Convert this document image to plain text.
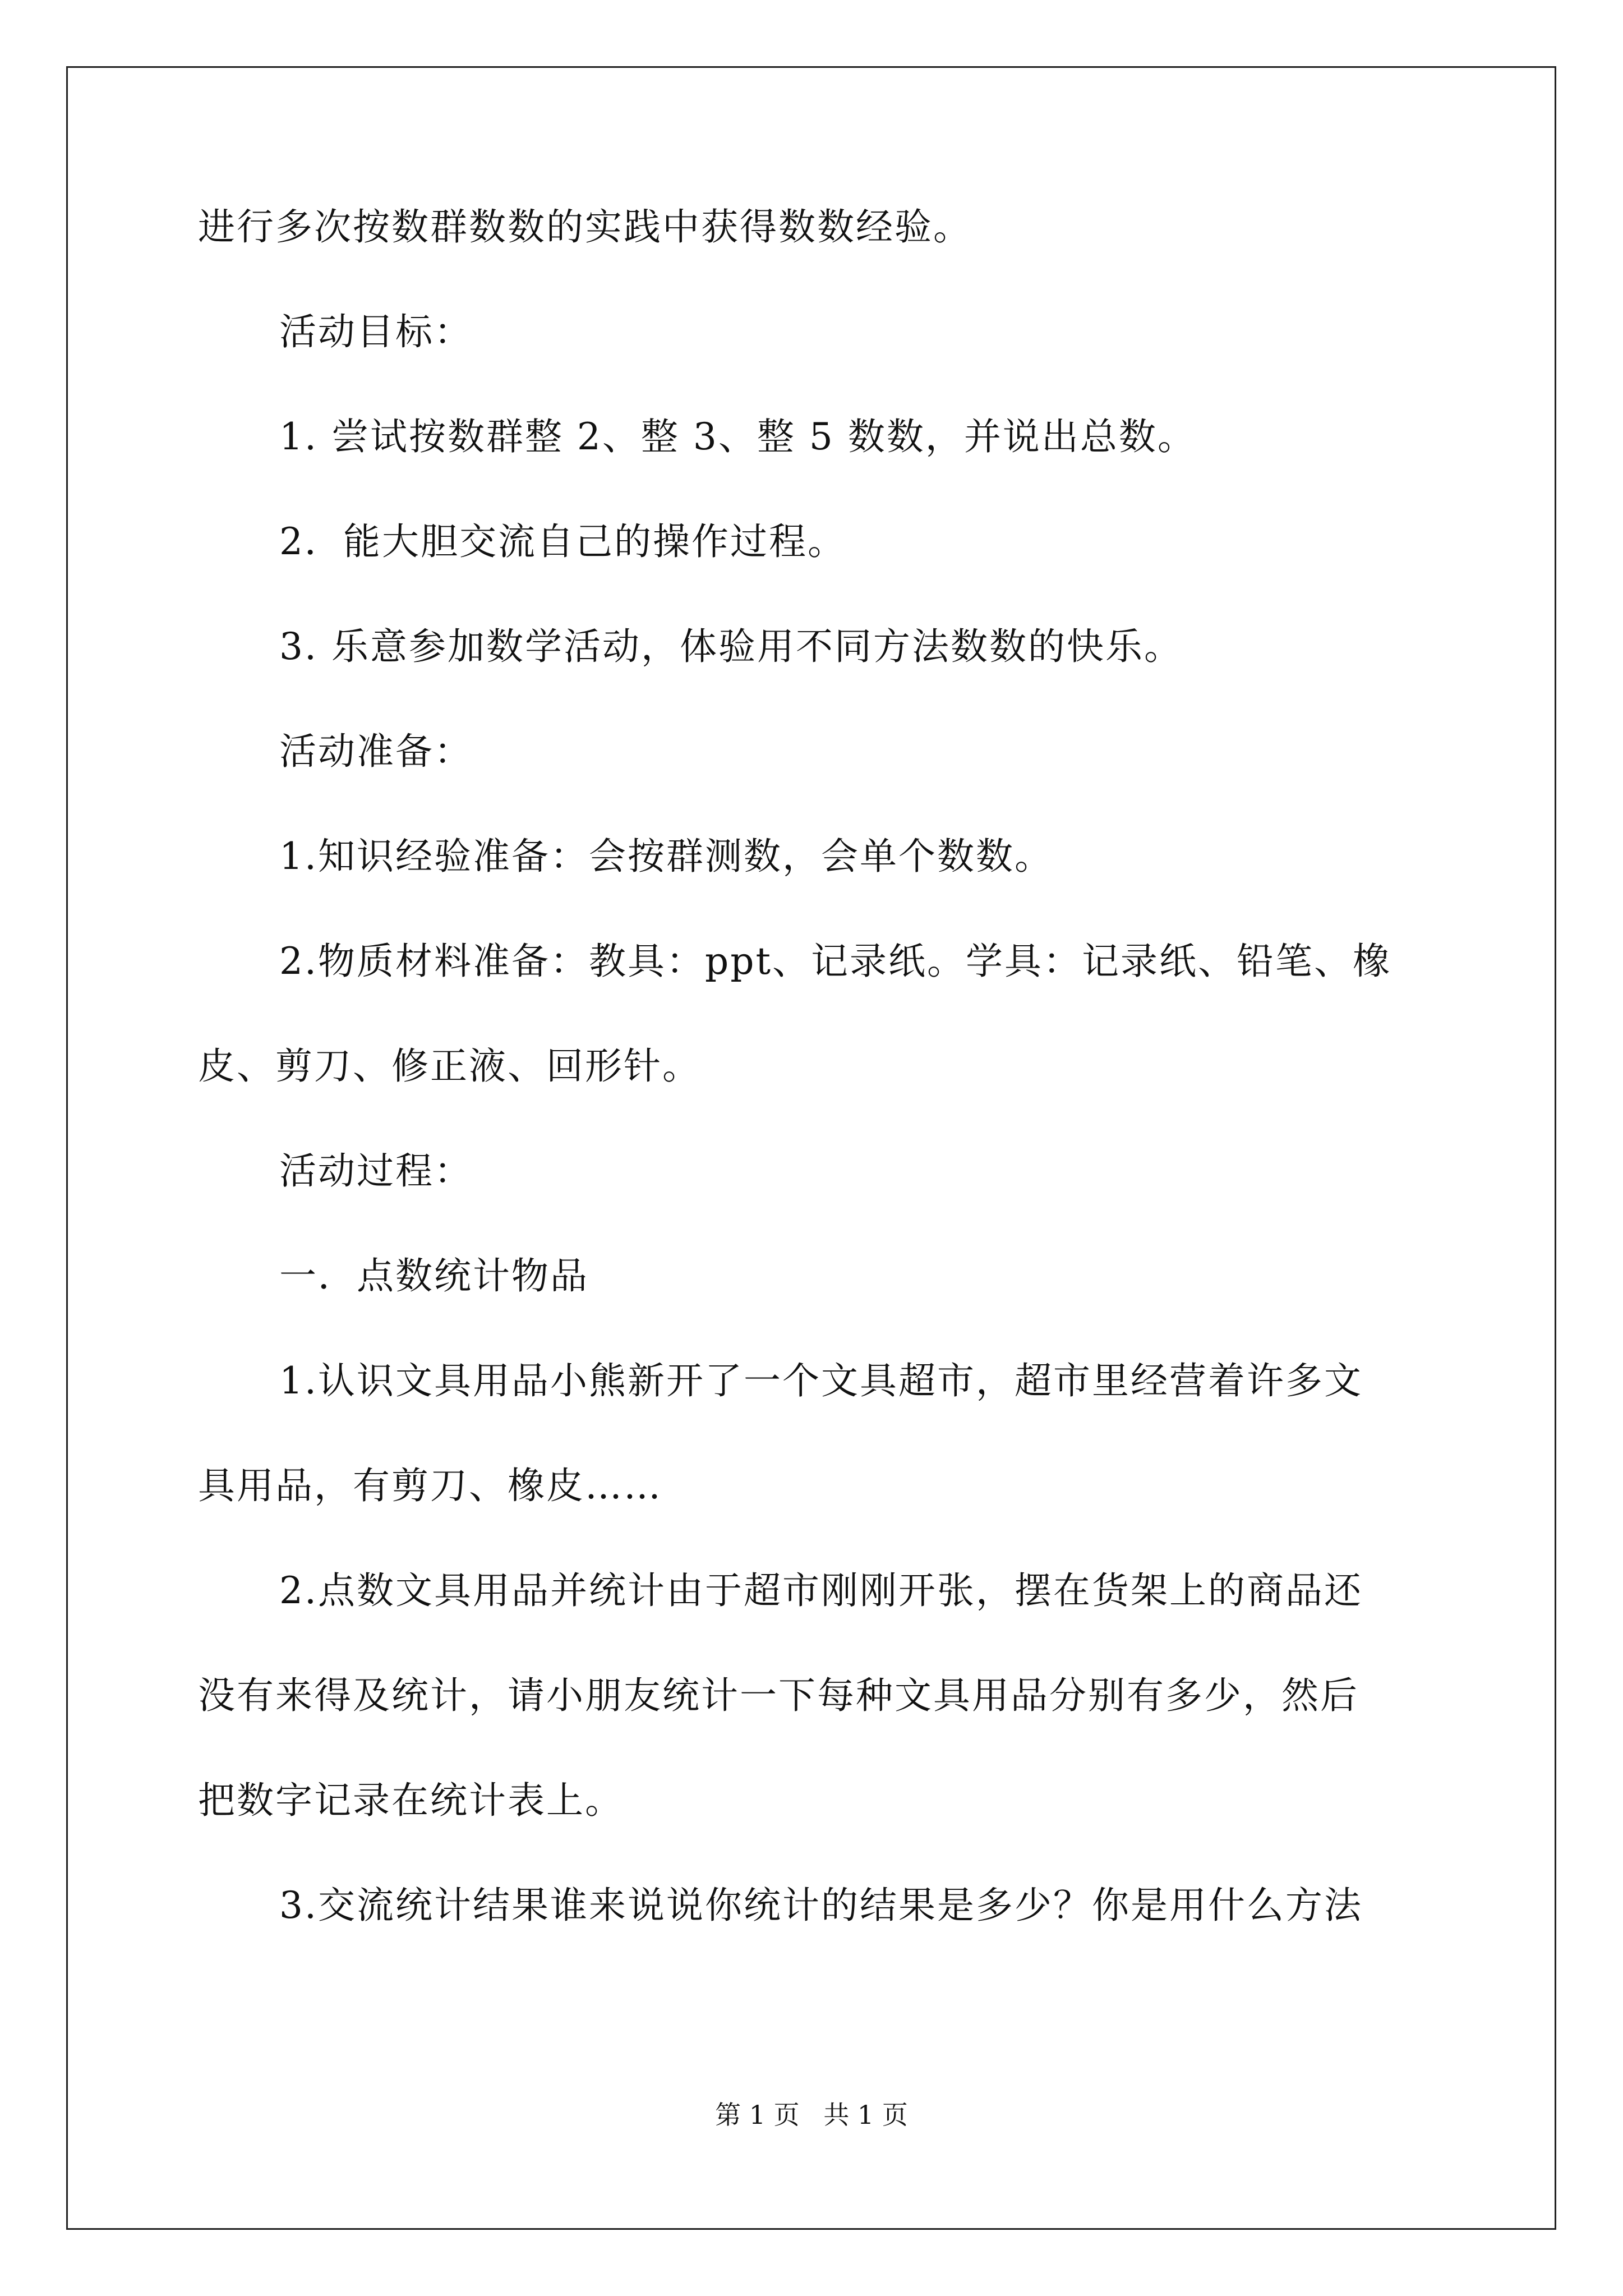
进行多次按数群数数的实践中获得数数经验。
活动目标：
1. 尝试按数群整 2、整 3、整 5 数数，并说出总数。
2．能大胆交流自己的操作过程。
3. 乐意参加数学活动，体验用不同方法数数的快乐。
活动准备：
1.知识经验准备：会按群测数，会单个数数。
2.物质材料准备：教具：ppt、记录纸。学具：记录纸、铅笔、橡
皮、剪刀、修正液、回形针。
活动过程：
一．点数统计物品
1.认识文具用品小熊新开了一个文具超市，超市里经营着许多文
具用品，有剪刀、橡皮……
2.点数文具用品并统计由于超市刚刚开张，摆在货架上的商品还
没有来得及统计，请小朋友统计一下每种文具用品分别有多少，然后
把数字记录在统计表上。
3.交流统计结果谁来说说你统计的结果是多少？你是用什么方法
第 1 页 共 1 页
